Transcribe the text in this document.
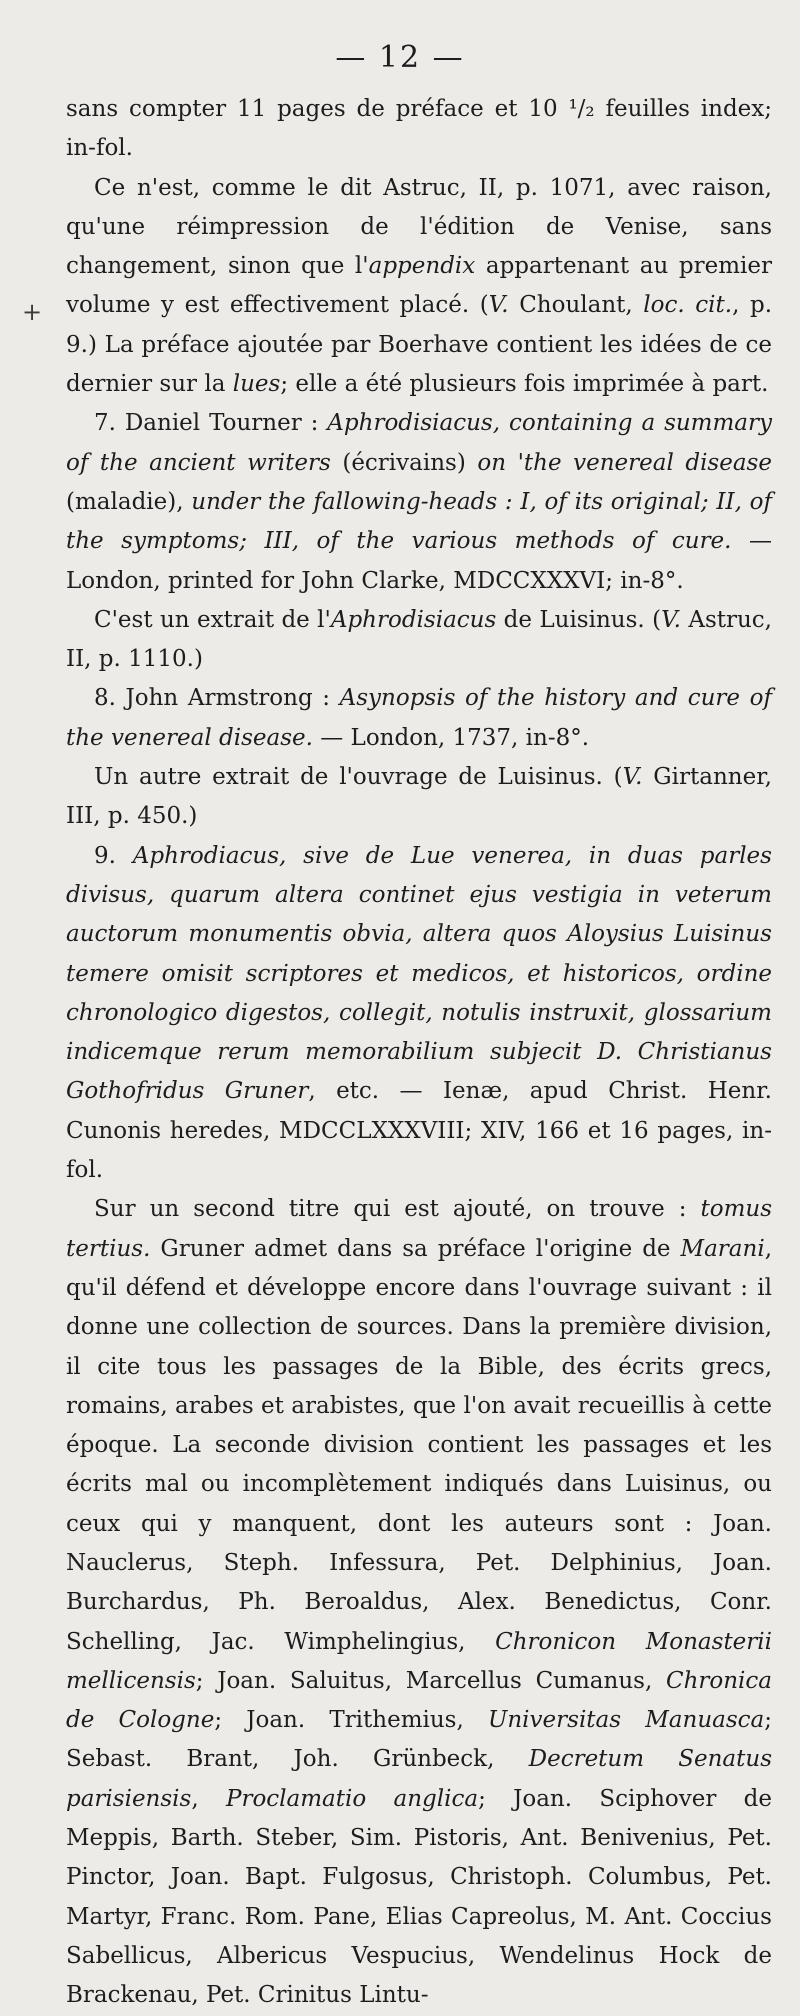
— 12 —
+

sans compter 11 pages de préface et 10 ¹/₂ feuilles index; in-fol.

Ce n'est, comme le dit Astruc, II, p. 1071, avec raison, qu'une réimpression de l'édition de Venise, sans changement, sinon que l'appendix appartenant au premier volume y est effectivement placé. (V. Choulant, loc. cit., p. 9.) La préface ajoutée par Boerhave contient les idées de ce dernier sur la lues; elle a été plusieurs fois imprimée à part.

7. Daniel Tourner : Aphrodisiacus, containing a summary of the ancient writers (écrivains) on 'the venereal disease (maladie), under the fallowing-heads : I, of its original; II, of the symptoms; III, of the various methods of cure. — London, printed for John Clarke, MDCCXXXVI; in-8°.

C'est un extrait de l'Aphrodisiacus de Luisinus. (V. Astruc, II, p. 1110.)

8. John Armstrong : Asynopsis of the history and cure of the venereal disease. — London, 1737, in-8°.

Un autre extrait de l'ouvrage de Luisinus. (V. Girtanner, III, p. 450.)

9. Aphrodiacus, sive de Lue venerea, in duas parles divisus, quarum altera continet ejus vestigia in veterum auctorum monumentis obvia, altera quos Aloysius Luisinus temere omisit scriptores et medicos, et historicos, ordine chronologico digestos, collegit, notulis instruxit, glossarium indicemque rerum memorabilium subjecit D. Christianus Gothofridus Gruner, etc. — Ienæ, apud Christ. Henr. Cunonis heredes, MDCCLXXXVIII; XIV, 166 et 16 pages, in-fol.

Sur un second titre qui est ajouté, on trouve : tomus tertius. Gruner admet dans sa préface l'origine de Marani, qu'il défend et développe encore dans l'ouvrage suivant : il donne une collection de sources. Dans la première division, il cite tous les passages de la Bible, des écrits grecs, romains, arabes et arabistes, que l'on avait recueillis à cette époque. La seconde division contient les passages et les écrits mal ou incomplètement indiqués dans Luisinus, ou ceux qui y manquent, dont les auteurs sont : Joan. Nauclerus, Steph. Infessura, Pet. Delphinius, Joan. Burchardus, Ph. Beroaldus, Alex. Benedictus, Conr. Schelling, Jac. Wimphelingius, Chronicon Monasterii mellicensis; Joan. Saluitus, Marcellus Cumanus, Chronica de Cologne; Joan. Trithemius, Universitas Manuasca; Sebast. Brant, Joh. Grünbeck, Decretum Senatus parisiensis, Proclamatio anglica; Joan. Sciphover de Meppis, Barth. Steber, Sim. Pistoris, Ant. Benivenius, Pet. Pinctor, Joan. Bapt. Fulgosus, Christoph. Columbus, Pet. Martyr, Franc. Rom. Pane, Elias Capreolus, M. Ant. Coccius Sabellicus, Albericus Vespucius, Wendelinus Hock de Brackenau, Pet. Crinitus Lintu-
